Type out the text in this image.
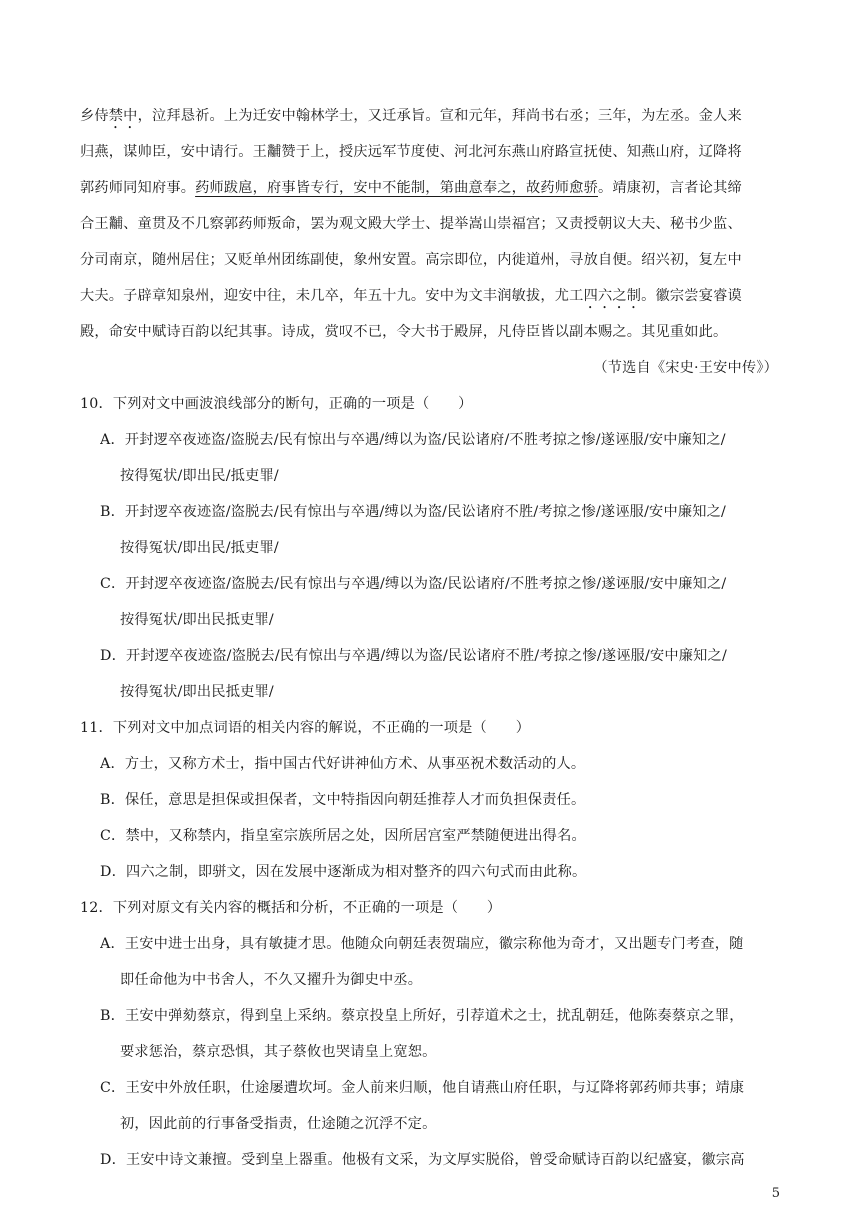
乡侍禁中，泣拜恳祈。上为迁安中翰林学士，又迁承旨。宣和元年，拜尚书右丞；三年，为左丞。金人来
归燕，谋帅臣，安中请行。王黼赞于上，授庆远军节度使、河北河东燕山府路宣抚使、知燕山府，辽降将
郭药师同知府事。药师跋扈，府事皆专行，安中不能制，第曲意奉之，故药师愈骄。靖康初，言者论其缔
合王黼、童贯及不几察郭药师叛命，罢为观文殿大学士、提举嵩山崇福宫；又责授朝议大夫、秘书少监、
分司南京，随州居住；又贬单州团练副使，象州安置。高宗即位，内徙道州，寻放自便。绍兴初，复左中
大夫。子辟章知泉州，迎安中往，未几卒，年五十九。安中为文丰润敏拔，尤工四六之制。徽宗尝宴睿谟
殿，命安中赋诗百韵以纪其事。诗成，赏叹不已，令大书于殿屏，凡侍臣皆以副本赐之。其见重如此。
（节选自《宋史·王安中传》）
10．下列对文中画波浪线部分的断句，正确的一项是（　　）
A．开封逻卒夜迹盗/盗脱去/民有惊出与卒遇/缚以为盗/民讼诸府/不胜考掠之惨/遂诬服/安中廉知之/
按得冤状/即出民/抵吏罪/
B．开封逻卒夜迹盗/盗脱去/民有惊出与卒遇/缚以为盗/民讼诸府不胜/考掠之惨/遂诬服/安中廉知之/
按得冤状/即出民/抵吏罪/
C．开封逻卒夜迹盗/盗脱去/民有惊出与卒遇/缚以为盗/民讼诸府/不胜考掠之惨/遂诬服/安中廉知之/
按得冤状/即出民抵吏罪/
D．开封逻卒夜迹盗/盗脱去/民有惊出与卒遇/缚以为盗/民讼诸府不胜/考掠之惨/遂诬服/安中廉知之/
按得冤状/即出民抵吏罪/
11．下列对文中加点词语的相关内容的解说，不正确的一项是（　　）
A．方士，又称方术士，指中国古代好讲神仙方术、从事巫祝术数活动的人。
B．保任，意思是担保或担保者，文中特指因向朝廷推荐人才而负担保责任。
C．禁中，又称禁内，指皇室宗族所居之处，因所居宫室严禁随便进出得名。
D．四六之制，即骈文，因在发展中逐渐成为相对整齐的四六句式而由此称。
12．下列对原文有关内容的概括和分析，不正确的一项是（　　）
A．王安中进士出身，具有敏捷才思。他随众向朝廷表贺瑞应，徽宗称他为奇才，又出题专门考查，随
即任命他为中书舍人，不久又擢升为御史中丞。
B．王安中弹劾蔡京，得到皇上采纳。蔡京投皇上所好，引荐道术之士，扰乱朝廷，他陈奏蔡京之罪，
要求惩治，蔡京恐惧，其子蔡攸也哭请皇上宽恕。
C．王安中外放任职，仕途屡遭坎坷。金人前来归顺，他自请燕山府任职，与辽降将郭药师共事；靖康
初，因此前的行事备受指责，仕途随之沉浮不定。
D．王安中诗文兼擅。受到皇上器重。他极有文采，为文厚实脱俗，曾受命赋诗百韵以纪盛宴，徽宗高
5
